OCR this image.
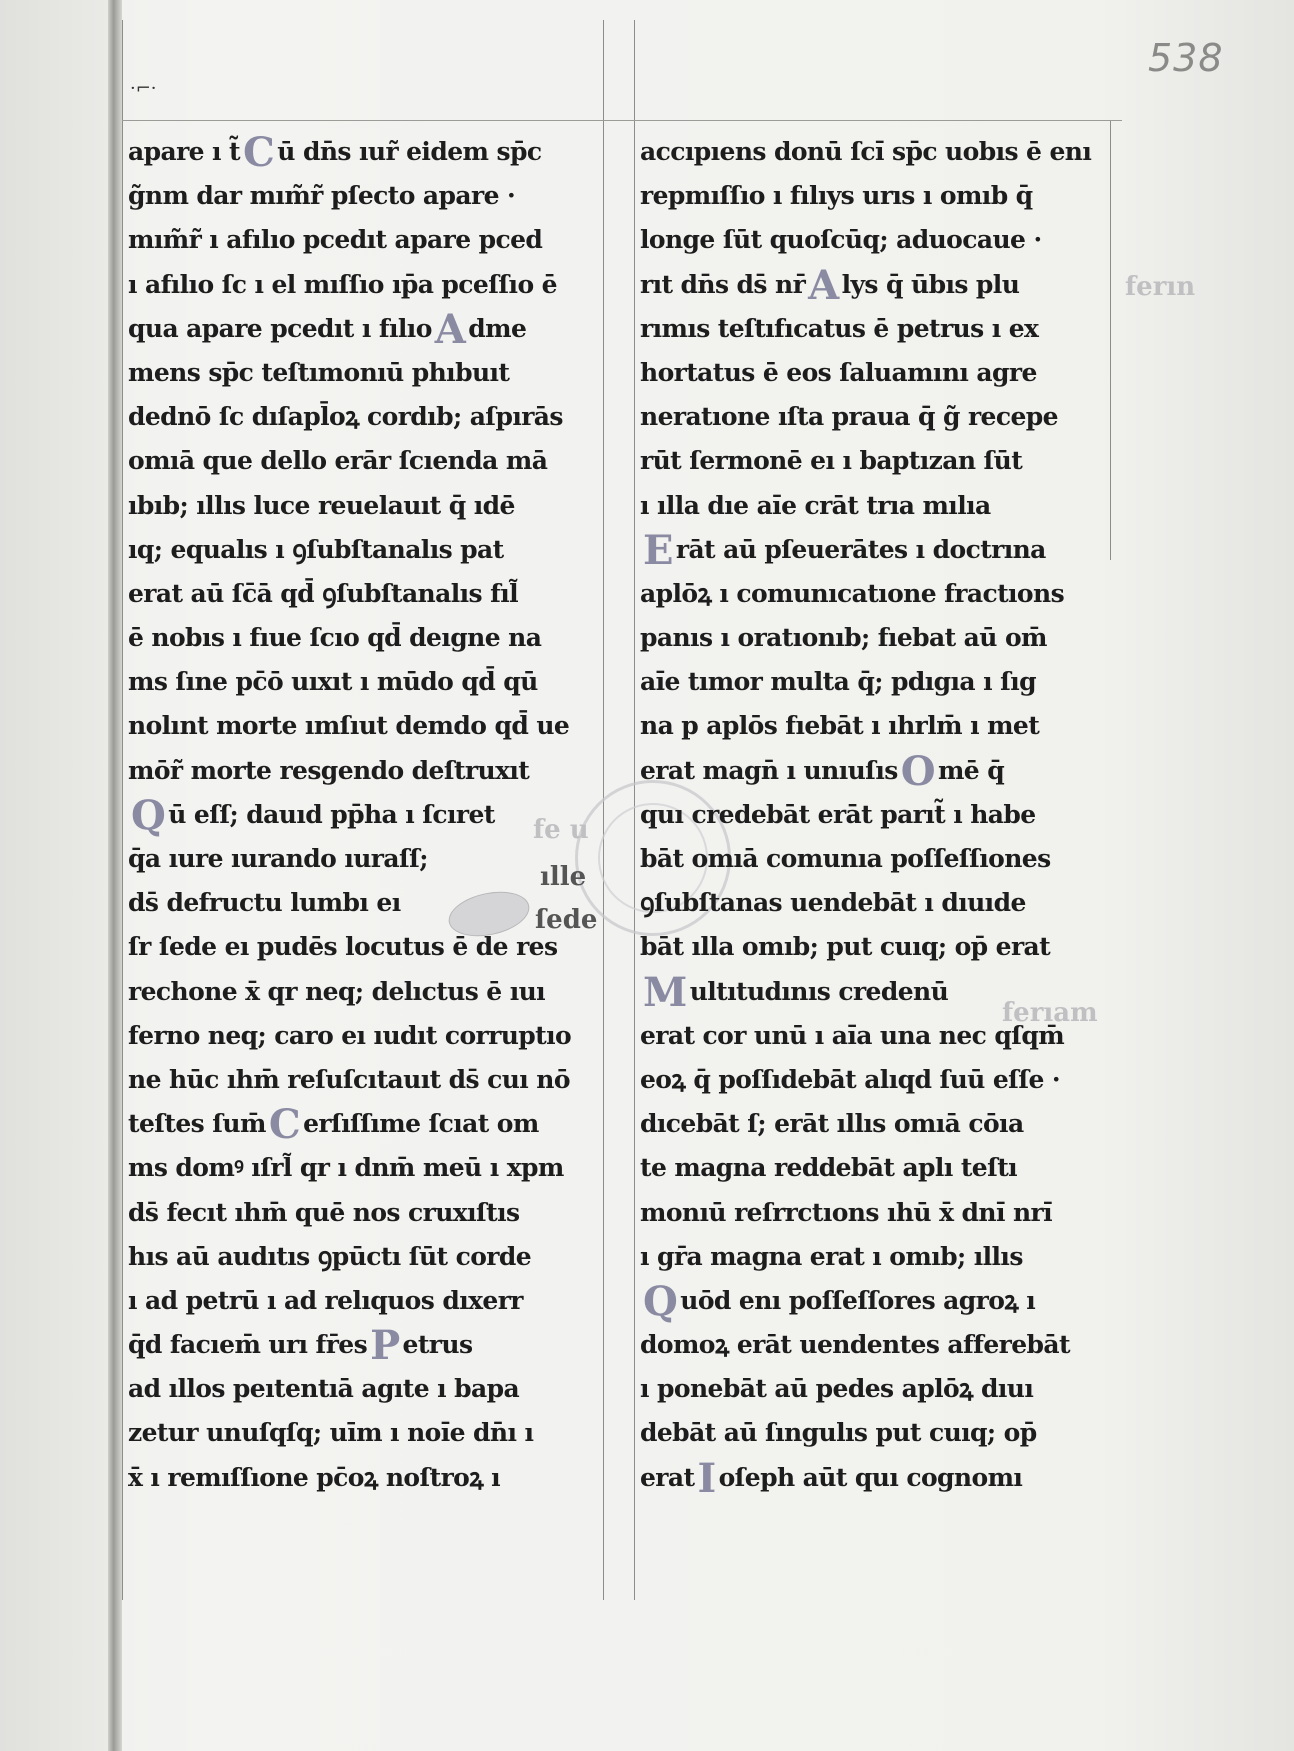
·⌐·
538
apare ı t̃C ū dn̄s ıur̃ eidem sp̄c
g̃nm dar mım̃r̃ pſecto apare ·
mım̃r̃ ı afılıo pcedıt apare pced
ı afılıo ſc ı el mıſſıo ıp̄a pceſſıo ē
qua apare pcedıt ı fılıoA dme
mens sp̄c teſtımonıū phıbuıt
dednō ſc dıſapl̄oꝝ cordıb; aſpırās
omıā que dello erār ſcıenda mā
ıbıb; ıllıs luce reuelauıt q̄ ıdē
ıq; equalıs ı ꝯſubſtanalıs pat
erat aū ſc̄ā qd̄ ꝯſubſtanalıs fıl̃
ē nobıs ı fıue ſcıo qd̄ deıgne na
ms ſıne pc̄ō uıxıt ı mūdo qd̄ qū
nolınt morte ımſıut demdo qd̄ ue
mōr̃ morte resgendo deſtruxıt
Qū eſſ; dauıd pp̄ha ı ſcıret
q̄a ıure ıurando ıuraſſ;
ds̄ defructu lumbı eı
ſr ſede eı pudēs locutus ē de res
rechone x̄ qr neq; delıctus ē ıuı
ferno neq; caro eı ıudıt corruptıo
ne hūc ıhm̄ reſuſcıtauıt ds̄ cuı nō
teſtes ſum̄C erſıſſıme ſcıat om
ms domꝰ ıſrl̃ qr ı dnm̄ meū ı xpm
ds̄ fecıt ıhm̄ quē nos cruxıſtıs
hıs aū audıtıs ꝯpūctı ſūt corde
ı ad petrū ı ad relıquos dıxerr
q̄d facıem̄ urı fr̄esP etrus
ad ıllos peıtentıā agıte ı bapa
zetur unuſqſq; uīm ı noı̄e dn̄ı ı
x̄ ı remıſſıone pc̄oꝝ noſtroꝝ ı
accıpıens donū ſcı̄ sp̄c uobıs ē enı
repmıſſıo ı fılıys urıs ı omıb q̄
longe ſūt quoſcūq; aduocaue ·
rıt dn̄s ds̄ nr̄A lys q̄ ūbıs plu
rımıs teſtıfıcatus ē petrus ı ex
hortatus ē eos ſaluamını agre
neratıone ıſta praua q̄ g̃ recepe
rūt ſermonē eı ı baptızan ſūt
ı ılla dıe aı̄e crāt trıa mılıa
Erāt aū pſeuerātes ı doctrına
aplōꝝ ı comunıcatıone fractıons
panıs ı oratıonıb; fıebat aū om̄
aı̄e tımor multa q̄; pdıgıa ı ſıg
na p aplōs fıebāt ı ıhrlm̄ ı met
erat magn̄ ı unıuſısO mē q̄
quı credebāt erāt parıt̃ ı habe
bāt omıā comunıa poſſeſſıones
ꝯſubſtanas uendebāt ı dıuıde
bāt ılla omıb; put cuıq; op̄ erat
Multıtudınıs credenū
erat cor unū ı aı̄a una nec qſqm̄
eoꝝ q̄ poſſıdebāt alıqd ſuū eſſe ·
dıcebāt ſ; erāt ıllıs omıā cōıa
te magna reddebāt aplı teſtı
monıū reſrrctıons ıhū x̄ dnı̄ nrı̄
ı gr̄a magna erat ı omıb; ıllıs
Quōd enı poſſeſſores agroꝝ ı
domoꝝ erāt uendentes afferebāt
ı ponebāt aū pedes aplōꝝ dıuı
debāt aū ſıngulıs put cuıq; op̄
eratI oſeph aūt quı cognomı
fe u
ılle
ſede
ferın
ferıam
